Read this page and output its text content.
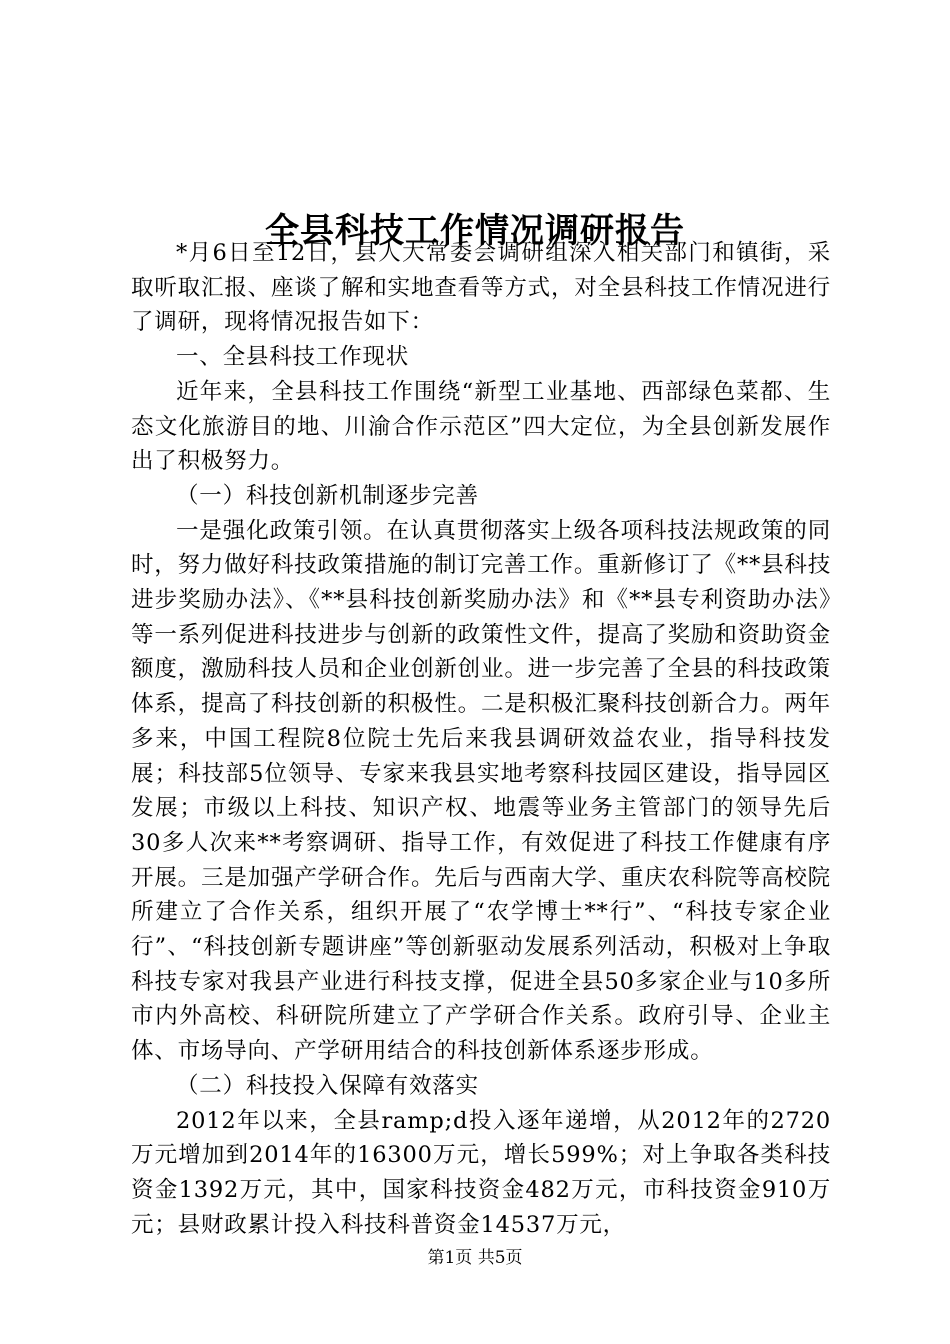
全县科技工作情况调研报告

*月6日至12日，县人大常委会调研组深入相关部门和镇街，采取听取汇报、座谈了解和实地查看等方式，对全县科技工作情况进行了调研，现将情况报告如下：

一、全县科技工作现状

近年来，全县科技工作围绕“新型工业基地、西部绿色菜都、生态文化旅游目的地、川渝合作示范区”四大定位，为全县创新发展作出了积极努力。

（一）科技创新机制逐步完善

一是强化政策引领。在认真贯彻落实上级各项科技法规政策的同时，努力做好科技政策措施的制订完善工作。重新修订了《**县科技进步奖励办法》、《**县科技创新奖励办法》和《**县专利资助办法》等一系列促进科技进步与创新的政策性文件，提高了奖励和资助资金额度，激励科技人员和企业创新创业。进一步完善了全县的科技政策体系，提高了科技创新的积极性。二是积极汇聚科技创新合力。两年多来，中国工程院8位院士先后来我县调研效益农业，指导科技发展；科技部5位领导、专家来我县实地考察科技园区建设，指导园区发展；市级以上科技、知识产权、地震等业务主管部门的领导先后30多人次来**考察调研、指导工作，有效促进了科技工作健康有序开展。三是加强产学研合作。先后与西南大学、重庆农科院等高校院所建立了合作关系，组织开展了“农学博士**行”、“科技专家企业行”、“科技创新专题讲座”等创新驱动发展系列活动，积极对上争取科技专家对我县产业进行科技支撑，促进全县50多家企业与10多所市内外高校、科研院所建立了产学研合作关系。政府引导、企业主体、市场导向、产学研用结合的科技创新体系逐步形成。

（二）科技投入保障有效落实

2012年以来，全县ramp;d投入逐年递增，从2012年的2720万元增加到2014年的16300万元，增长599%；对上争取各类科技资金1392万元，其中，国家科技资金482万元，市科技资金910万元；县财政累计投入科技科普资金14537万元，

第1页 共5页
